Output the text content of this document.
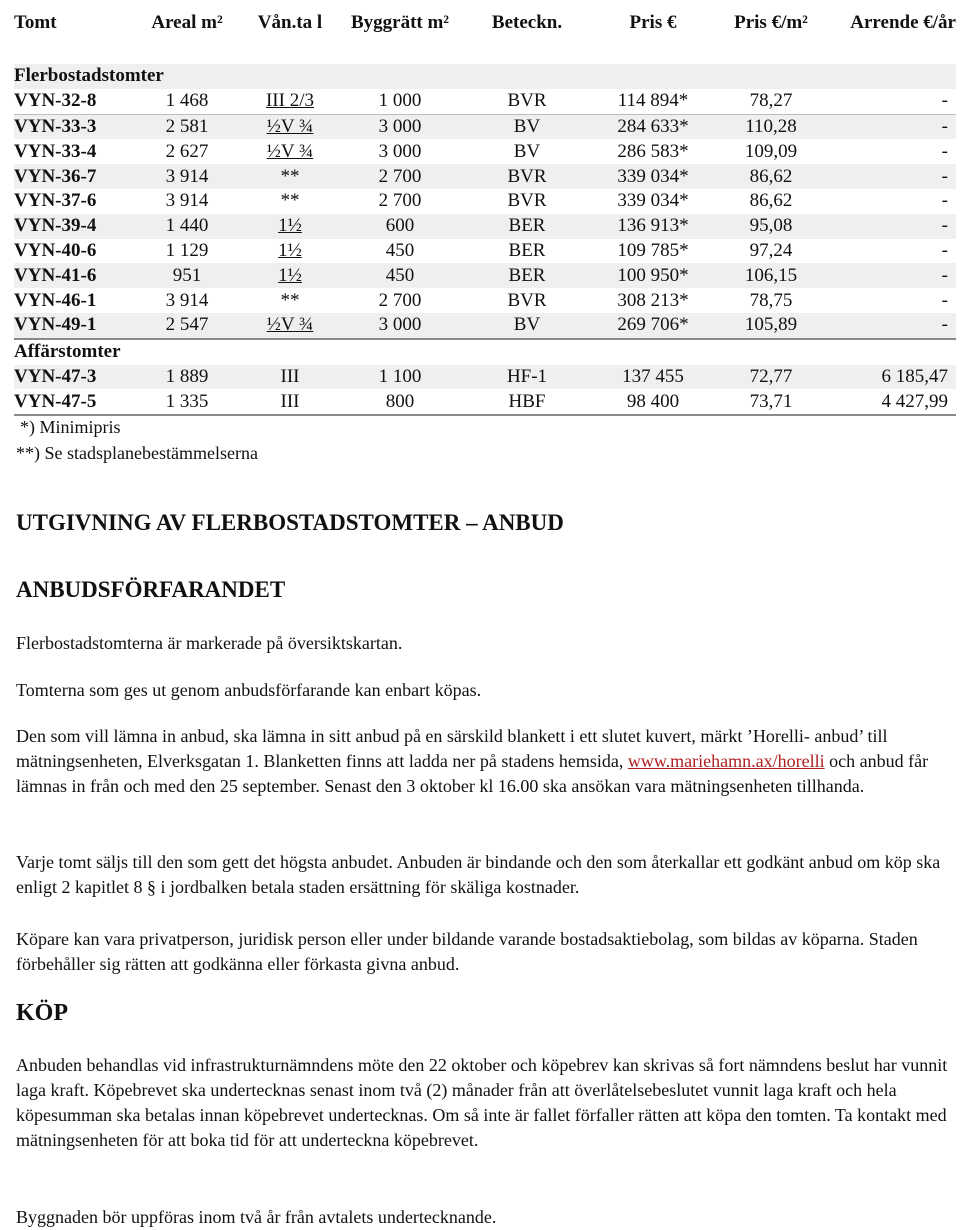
Tomt	Areal m²	Vån.ta l	Byggrätt m²	Beteckn.	Pris €	Pris €/m²	Arrende €/år
Flerbostadstomter							
VYN-32-8	1 468	III 2/3	1 000	BVR	114 894*	78,27	-
VYN-33-3	2 581	½V ¾	3 000	BV	284 633*	110,28	-
VYN-33-4	2 627	½V ¾	3 000	BV	286 583*	109,09	-
VYN-36-7	3 914	**	2 700	BVR	339 034*	86,62	-
VYN-37-6	3 914	**	2 700	BVR	339 034*	86,62	-
VYN-39-4	1 440	1½	600	BER	136 913*	95,08	-
VYN-40-6	1 129	1½	450	BER	109 785*	97,24	-
VYN-41-6	951	1½	450	BER	100 950*	106,15	-
VYN-46-1	3 914	**	2 700	BVR	308 213*	78,75	-
VYN-49-1	2 547	½V ¾	3 000	BV	269 706*	105,89	-
Affärstomter							
VYN-47-3	1 889	III	1 100	HF-1	137 455	72,77	6 185,47
VYN-47-5	1 335	III	800	HBF	98 400	73,71	4 427,99
*) Minimipris
**) Se stadsplanebestämmelserna
UTGIVNING AV FLERBOSTADSTOMTER – ANBUD
ANBUDSFÖRFARANDET
Flerbostadstomterna är markerade på översiktskartan.
Tomterna som ges ut genom anbudsförfarande kan enbart köpas.
Den som vill lämna in anbud, ska lämna in sitt anbud på en särskild blankett i ett slutet kuvert, märkt ’Horelli- anbud’ till mätningsenheten, Elverksgatan 1. Blanketten finns att ladda ner på stadens hemsida, www.mariehamn.ax/horelli och anbud får lämnas in från och med den 25 september. Senast den 3 oktober kl 16.00 ska ansökan vara mätningsenheten tillhanda.
Varje tomt säljs till den som gett det högsta anbudet. Anbuden är bindande och den som återkallar ett godkänt anbud om köp ska enligt 2 kapitlet 8 § i jordbalken betala staden ersättning för skäliga kostnader.
Köpare kan vara privatperson, juridisk person eller under bildande varande bostadsaktiebolag, som bildas av köparna. Staden förbehåller sig rätten att godkänna eller förkasta givna anbud.
KÖP
Anbuden behandlas vid infrastrukturnämndens möte den 22 oktober och köpebrev kan skrivas så fort nämndens beslut har vunnit laga kraft. Köpebrevet ska undertecknas senast inom två (2) månader från att överlåtelsebeslutet vunnit laga kraft och hela köpesumman ska betalas innan köpebrevet undertecknas. Om så inte är fallet förfaller rätten att köpa den tomten. Ta kontakt med mätningsenheten för att boka tid för att underteckna köpebrevet.
Byggnaden bör uppföras inom två år från avtalets undertecknande.
